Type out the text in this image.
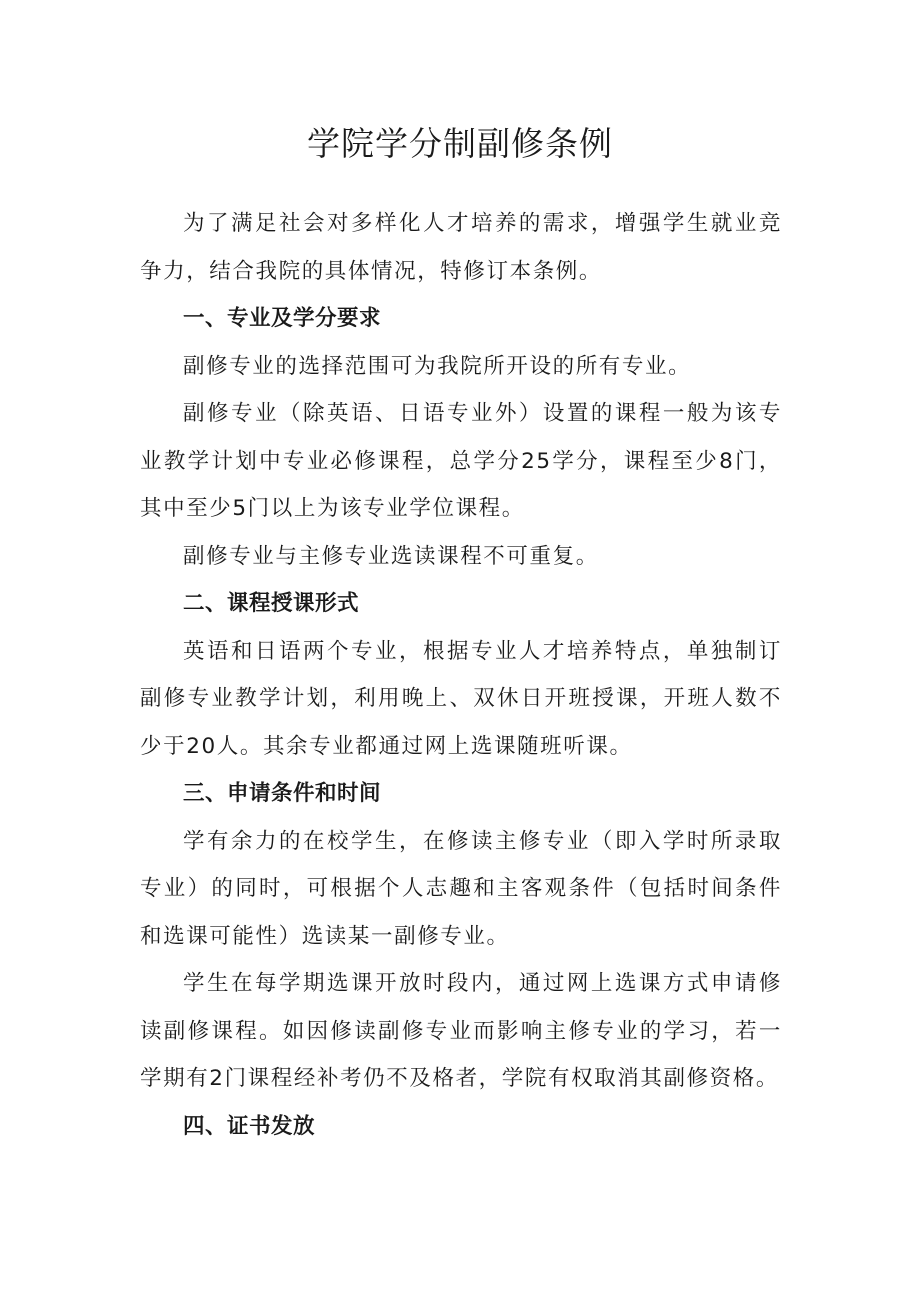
学院学分制副修条例

为了满足社会对多样化人才培养的需求，增强学生就业竞争力，结合我院的具体情况，特修订本条例。

一、专业及学分要求

副修专业的选择范围可为我院所开设的所有专业。

副修专业（除英语、日语专业外）设置的课程一般为该专业教学计划中专业必修课程，总学分25学分，课程至少8门，其中至少5门以上为该专业学位课程。

副修专业与主修专业选读课程不可重复。

二、课程授课形式

英语和日语两个专业，根据专业人才培养特点，单独制订副修专业教学计划，利用晚上、双休日开班授课，开班人数不少于20人。其余专业都通过网上选课随班听课。

三、申请条件和时间

学有余力的在校学生，在修读主修专业（即入学时所录取专业）的同时，可根据个人志趣和主客观条件（包括时间条件和选课可能性）选读某一副修专业。

学生在每学期选课开放时段内，通过网上选课方式申请修读副修课程。如因修读副修专业而影响主修专业的学习，若一学期有2门课程经补考仍不及格者，学院有权取消其副修资格。

四、证书发放
